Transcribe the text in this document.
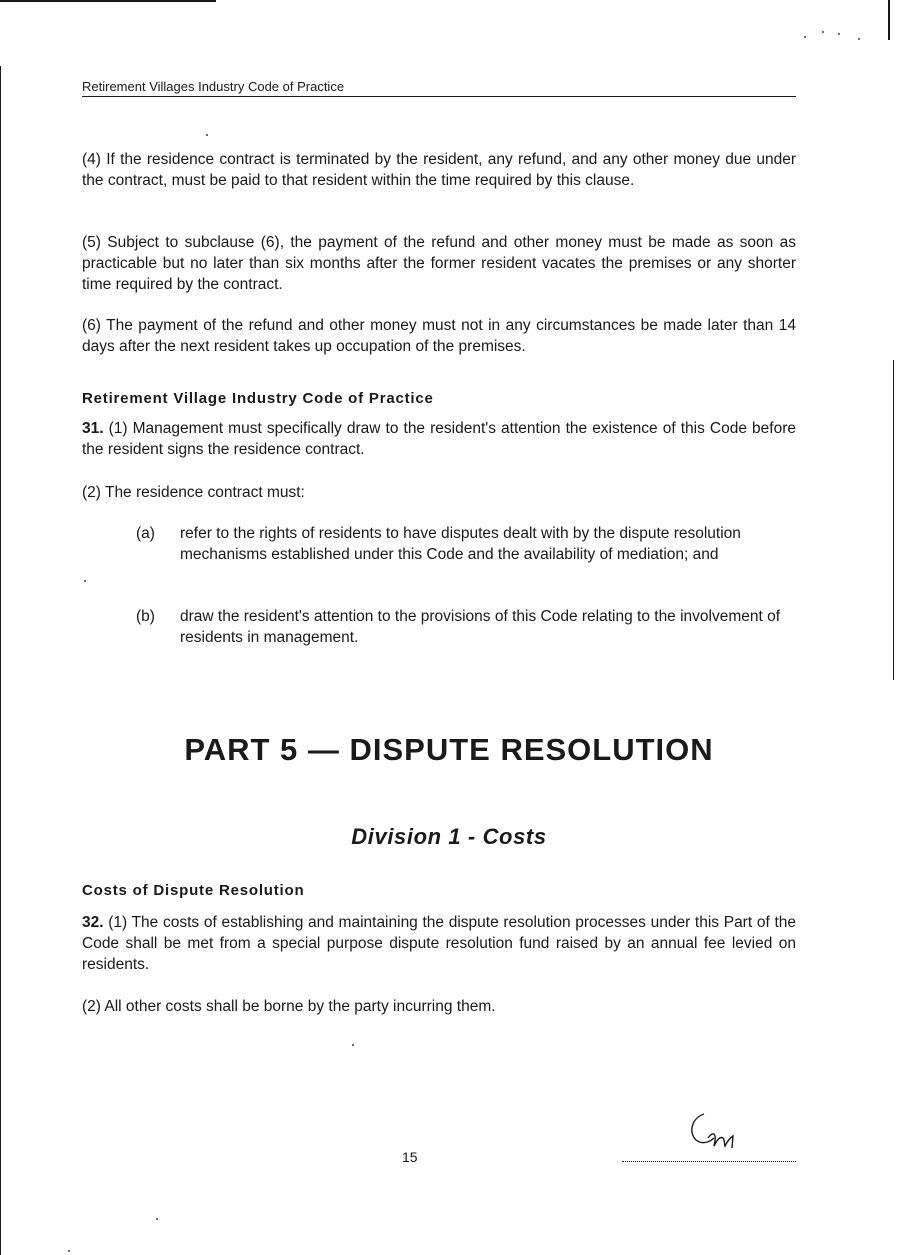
Retirement Villages Industry Code of Practice
(4) If the residence contract is terminated by the resident, any refund, and any other money due under the contract, must be paid to that resident within the time required by this clause.
(5) Subject to subclause (6), the payment of the refund and other money must be made as soon as practicable but no later than six months after the former resident vacates the premises or any shorter time required by the contract.
(6) The payment of the refund and other money must not in any circumstances be made later than 14 days after the next resident takes up occupation of the premises.
Retirement Village Industry Code of Practice
31. (1) Management must specifically draw to the resident's attention the existence of this Code before the resident signs the residence contract.
(2) The residence contract must:
(a) refer to the rights of residents to have disputes dealt with by the dispute resolution mechanisms established under this Code and the availability of mediation; and
(b) draw the resident's attention to the provisions of this Code relating to the involvement of residents in management.
PART 5 — DISPUTE RESOLUTION
Division 1 - Costs
Costs of Dispute Resolution
32. (1) The costs of establishing and maintaining the dispute resolution processes under this Part of the Code shall be met from a special purpose dispute resolution fund raised by an annual fee levied on residents.
(2) All other costs shall be borne by the party incurring them.
15
